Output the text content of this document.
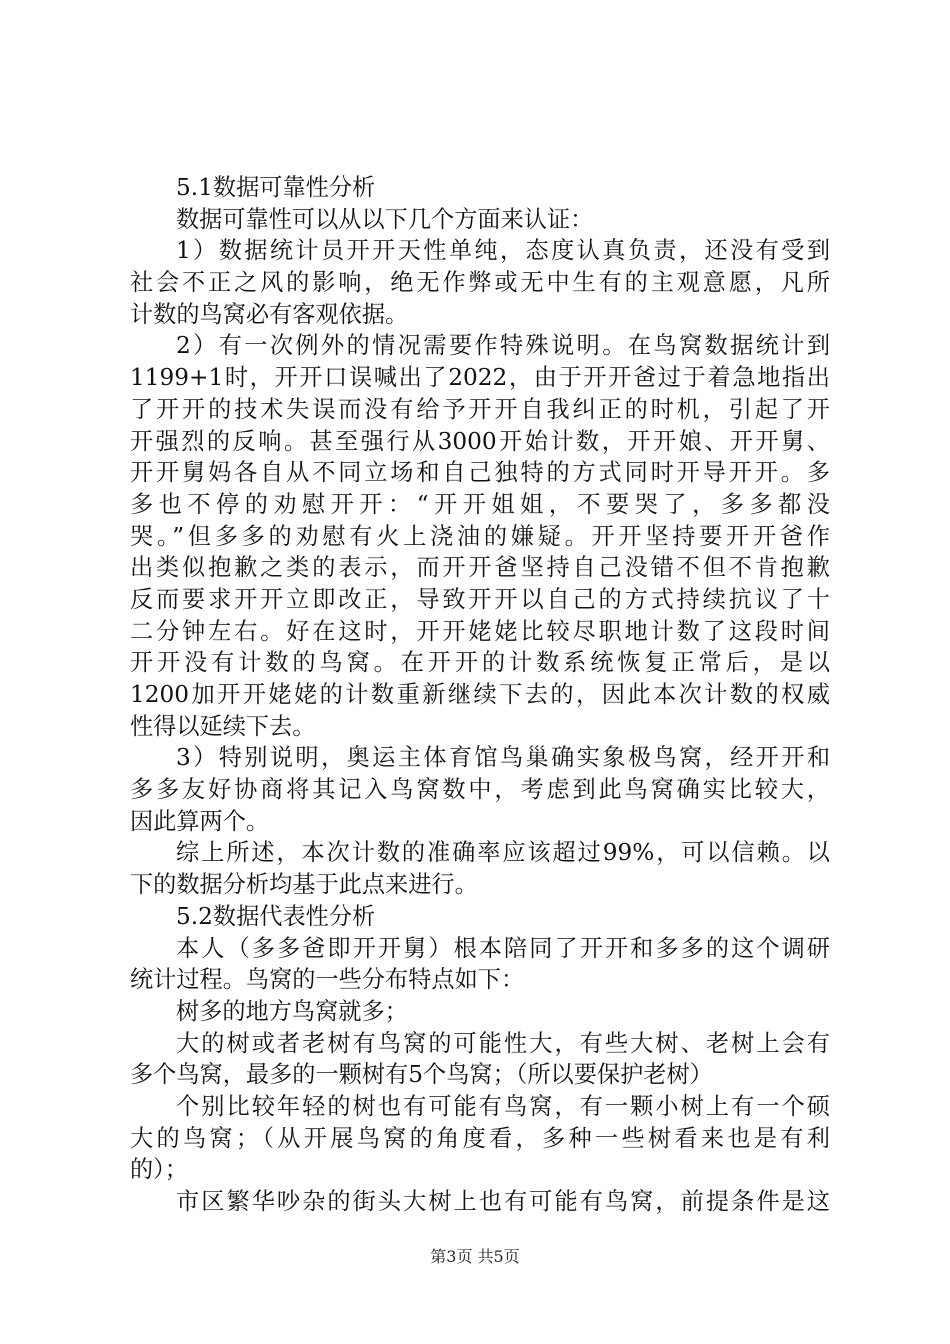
5.1数据可靠性分析
数据可靠性可以从以下几个方面来认证：
1）数据统计员开开天性单纯，态度认真负责，还没有受到
社会不正之风的影响，绝无作弊或无中生有的主观意愿，凡所
计数的鸟窝必有客观依据。
2）有一次例外的情况需要作特殊说明。在鸟窝数据统计到
1199+1时，开开口误喊出了2022，由于开开爸过于着急地指出
了开开的技术失误而没有给予开开自我纠正的时机，引起了开
开强烈的反响。甚至强行从3000开始计数，开开娘、开开舅、
开开舅妈各自从不同立场和自己独特的方式同时开导开开。多
多也不停的劝慰开开：“开开姐姐，不要哭了，多多都没
哭。”但多多的劝慰有火上浇油的嫌疑。开开坚持要开开爸作
出类似抱歉之类的表示，而开开爸坚持自己没错不但不肯抱歉
反而要求开开立即改正，导致开开以自己的方式持续抗议了十
二分钟左右。好在这时，开开姥姥比较尽职地计数了这段时间
开开没有计数的鸟窝。在开开的计数系统恢复正常后，是以
1200加开开姥姥的计数重新继续下去的，因此本次计数的权威
性得以延续下去。
3）特别说明，奥运主体育馆鸟巢确实象极鸟窝，经开开和
多多友好协商将其记入鸟窝数中，考虑到此鸟窝确实比较大，
因此算两个。
综上所述，本次计数的准确率应该超过99%，可以信赖。以
下的数据分析均基于此点来进行。
5.2数据代表性分析
本人（多多爸即开开舅）根本陪同了开开和多多的这个调研
统计过程。鸟窝的一些分布特点如下：
树多的地方鸟窝就多；
大的树或者老树有鸟窝的可能性大，有些大树、老树上会有
多个鸟窝，最多的一颗树有5个鸟窝；（所以要保护老树）
个别比较年轻的树也有可能有鸟窝，有一颗小树上有一个硕
大的鸟窝；（从开展鸟窝的角度看，多种一些树看来也是有利
的）；
市区繁华吵杂的街头大树上也有可能有鸟窝，前提条件是这
第3页 共5页
